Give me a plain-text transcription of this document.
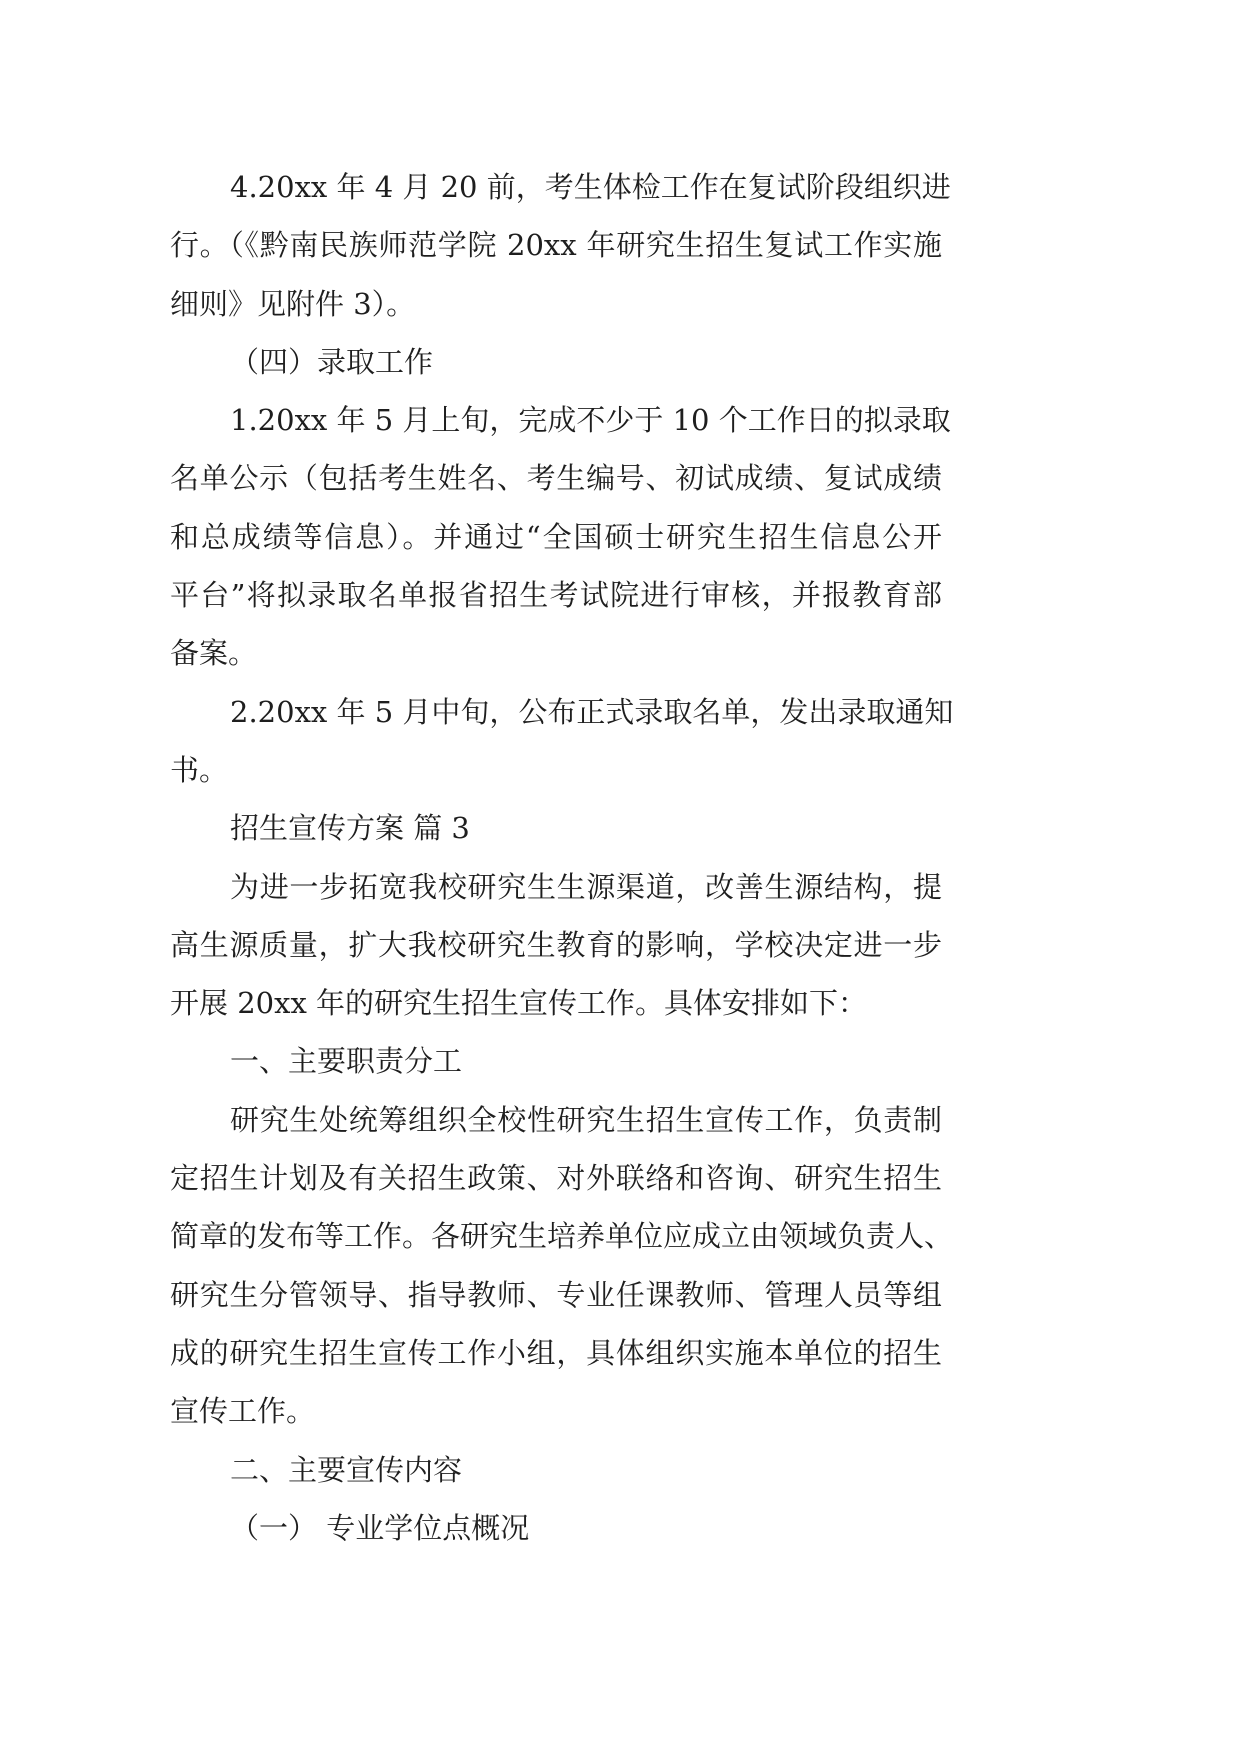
4.20xx 年 4 月 20 前，考生体检工作在复试阶段组织进
行。（《黔南民族师范学院 20xx 年研究生招生复试工作实施
细则》见附件 3）。
（四）录取工作
1.20xx 年 5 月上旬，完成不少于 10 个工作日的拟录取
名单公示（包括考生姓名、考生编号、初试成绩、复试成绩
和总成绩等信息）。并通过“全国硕士研究生招生信息公开
平台”将拟录取名单报省招生考试院进行审核，并报教育部
备案。
2.20xx 年 5 月中旬，公布正式录取名单，发出录取通知
书。
招生宣传方案 篇 3
为进一步拓宽我校研究生生源渠道，改善生源结构，提
高生源质量，扩大我校研究生教育的影响，学校决定进一步
开展 20xx 年的研究生招生宣传工作。具体安排如下：
一、主要职责分工
研究生处统筹组织全校性研究生招生宣传工作，负责制
定招生计划及有关招生政策、对外联络和咨询、研究生招生
简章的发布等工作。各研究生培养单位应成立由领域负责人、
研究生分管领导、指导教师、专业任课教师、管理人员等组
成的研究生招生宣传工作小组，具体组织实施本单位的招生
宣传工作。
二、主要宣传内容
（一） 专业学位点概况
